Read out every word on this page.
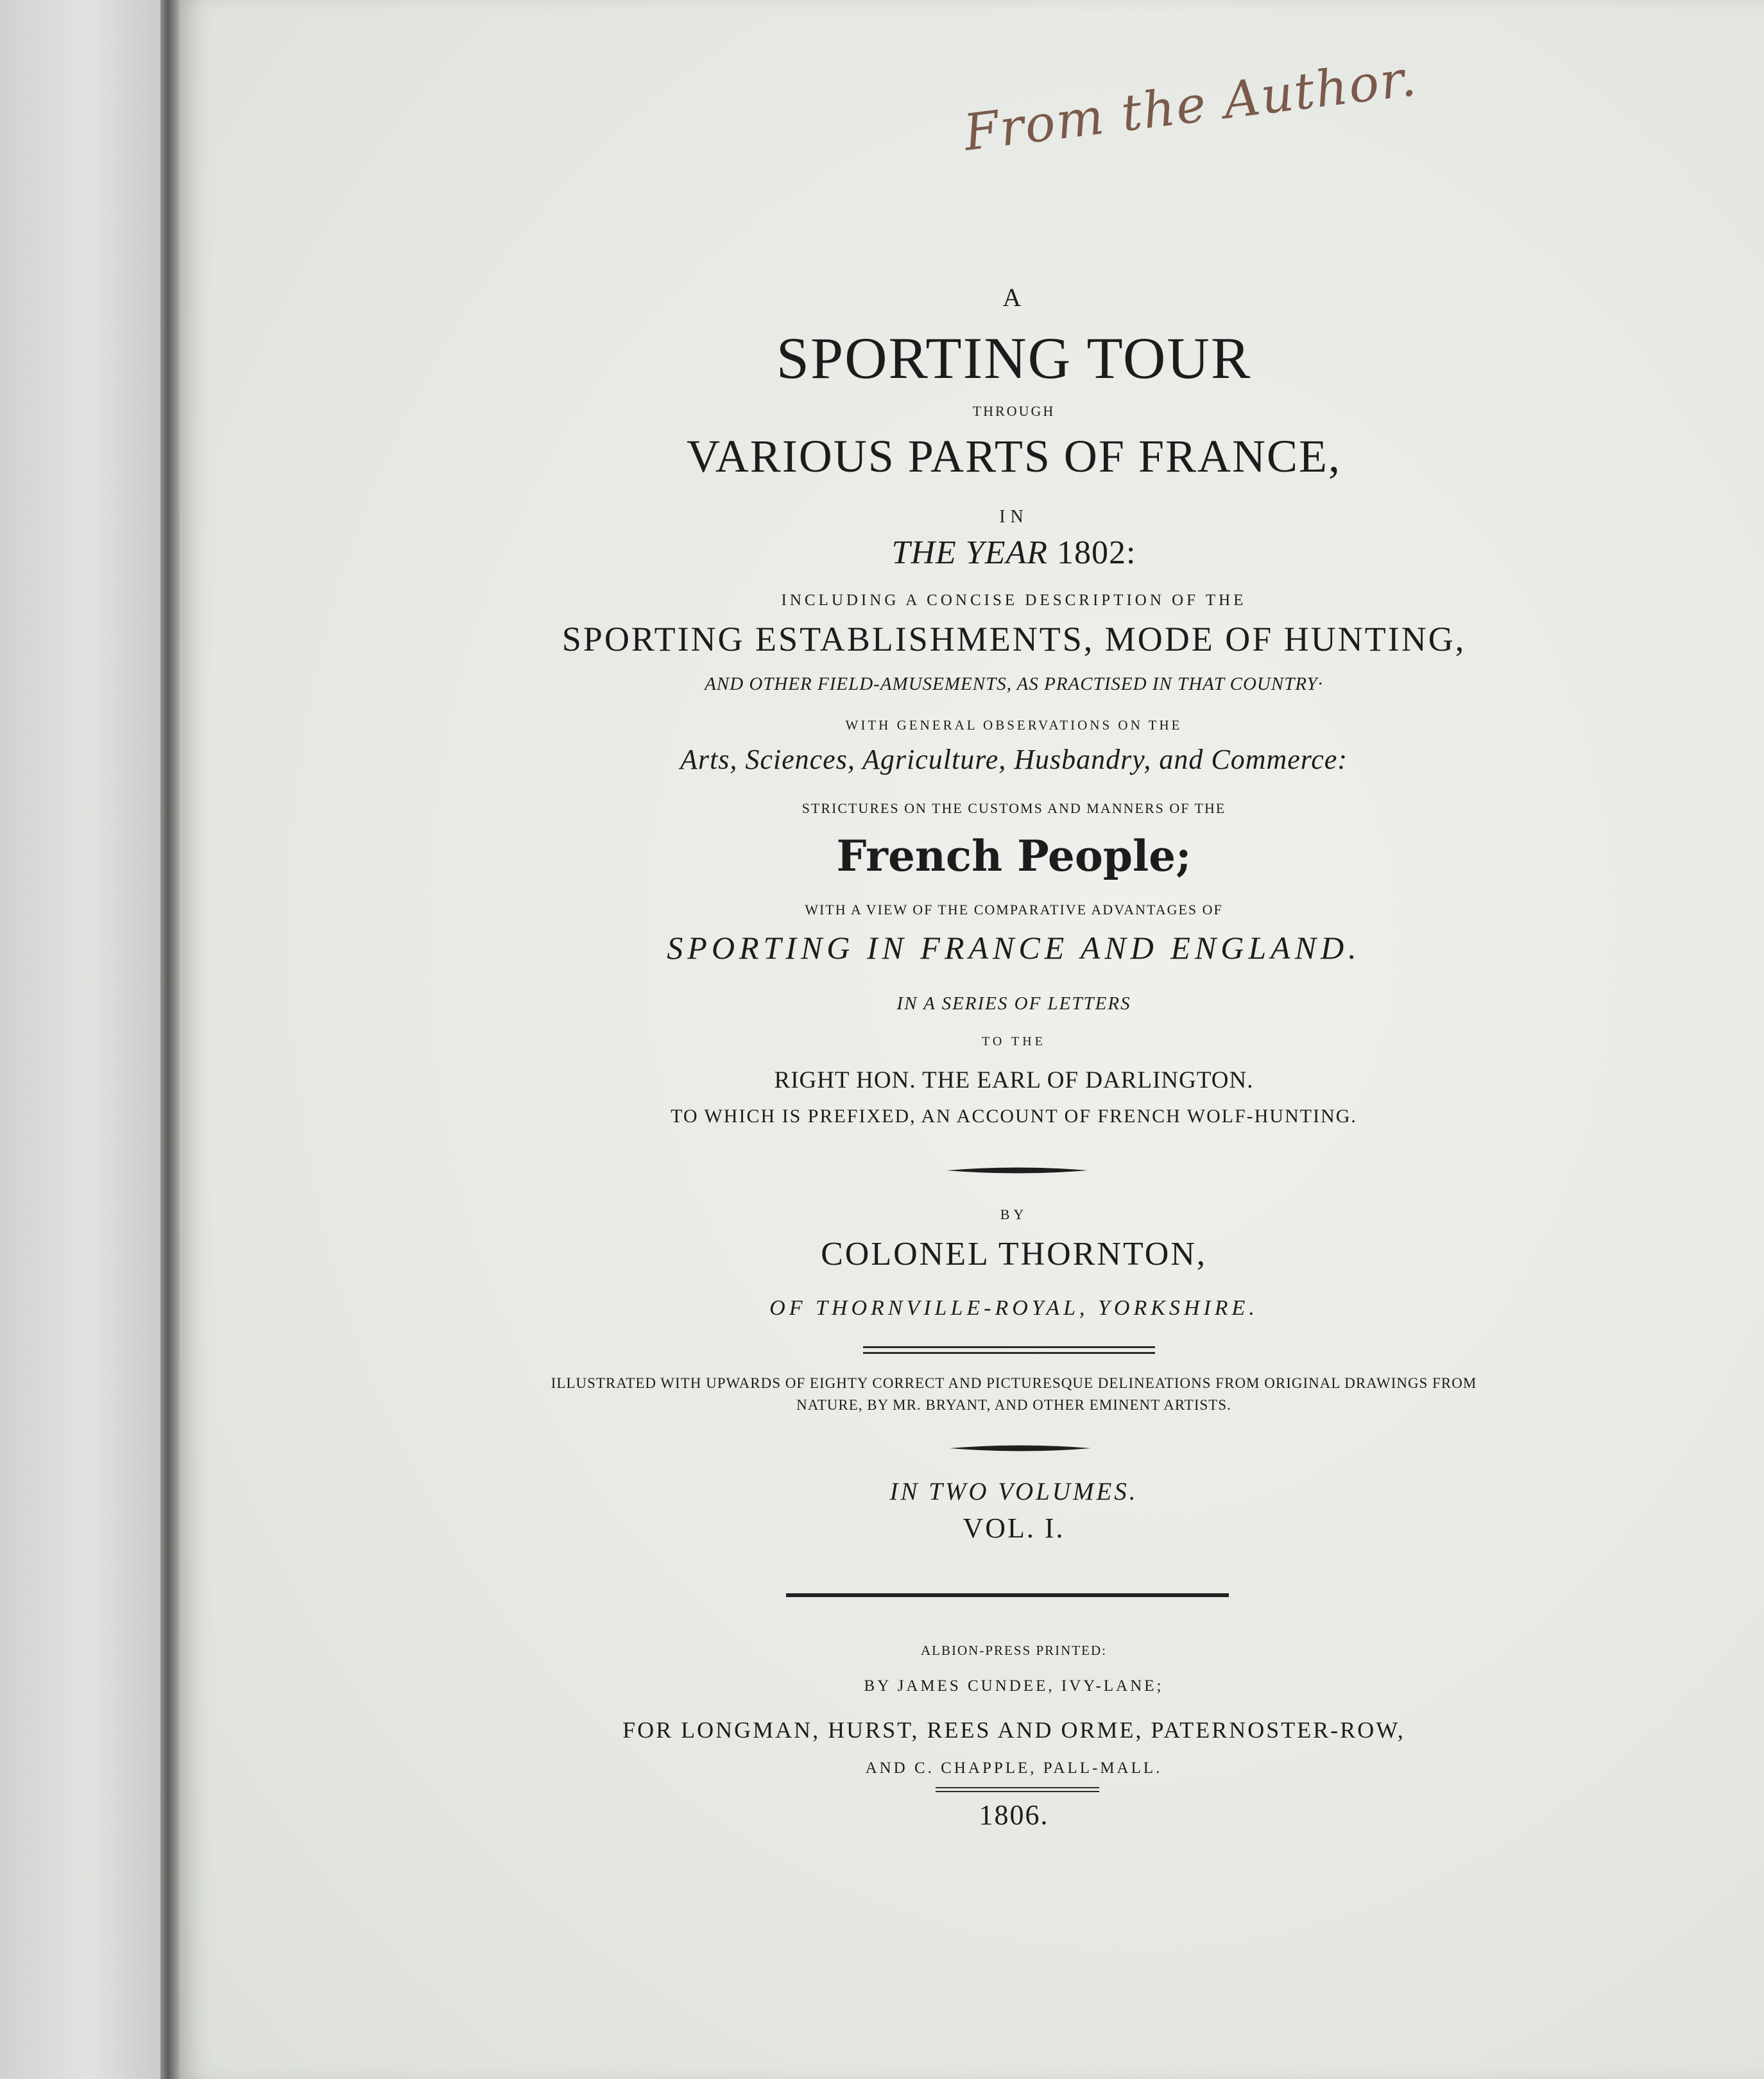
From the Author.
A
SPORTING TOUR
THROUGH
VARIOUS PARTS OF FRANCE,
IN
THE YEAR 1802:
INCLUDING A CONCISE DESCRIPTION OF THE
SPORTING ESTABLISHMENTS, MODE OF HUNTING,
AND OTHER FIELD-AMUSEMENTS, AS PRACTISED IN THAT COUNTRY·
WITH GENERAL OBSERVATIONS ON THE
Arts, Sciences, Agriculture, Husbandry, and Commerce:
STRICTURES ON THE CUSTOMS AND MANNERS OF THE
French People;
WITH A VIEW OF THE COMPARATIVE ADVANTAGES OF
SPORTING IN FRANCE AND ENGLAND.
IN A SERIES OF LETTERS
TO THE
RIGHT HON. THE EARL OF DARLINGTON.
TO WHICH IS PREFIXED, AN ACCOUNT OF FRENCH WOLF-HUNTING.
BY
COLONEL THORNTON,
OF THORNVILLE-ROYAL, YORKSHIRE.
ILLUSTRATED WITH UPWARDS OF EIGHTY CORRECT AND PICTURESQUE DELINEATIONS FROM ORIGINAL DRAWINGS FROM
NATURE, BY MR. BRYANT, AND OTHER EMINENT ARTISTS.
IN TWO VOLUMES.
VOL. I.
ALBION-PRESS PRINTED:
BY JAMES CUNDEE, IVY-LANE;
FOR LONGMAN, HURST, REES AND ORME, PATERNOSTER-ROW,
AND C. CHAPPLE, PALL-MALL.
1806.
